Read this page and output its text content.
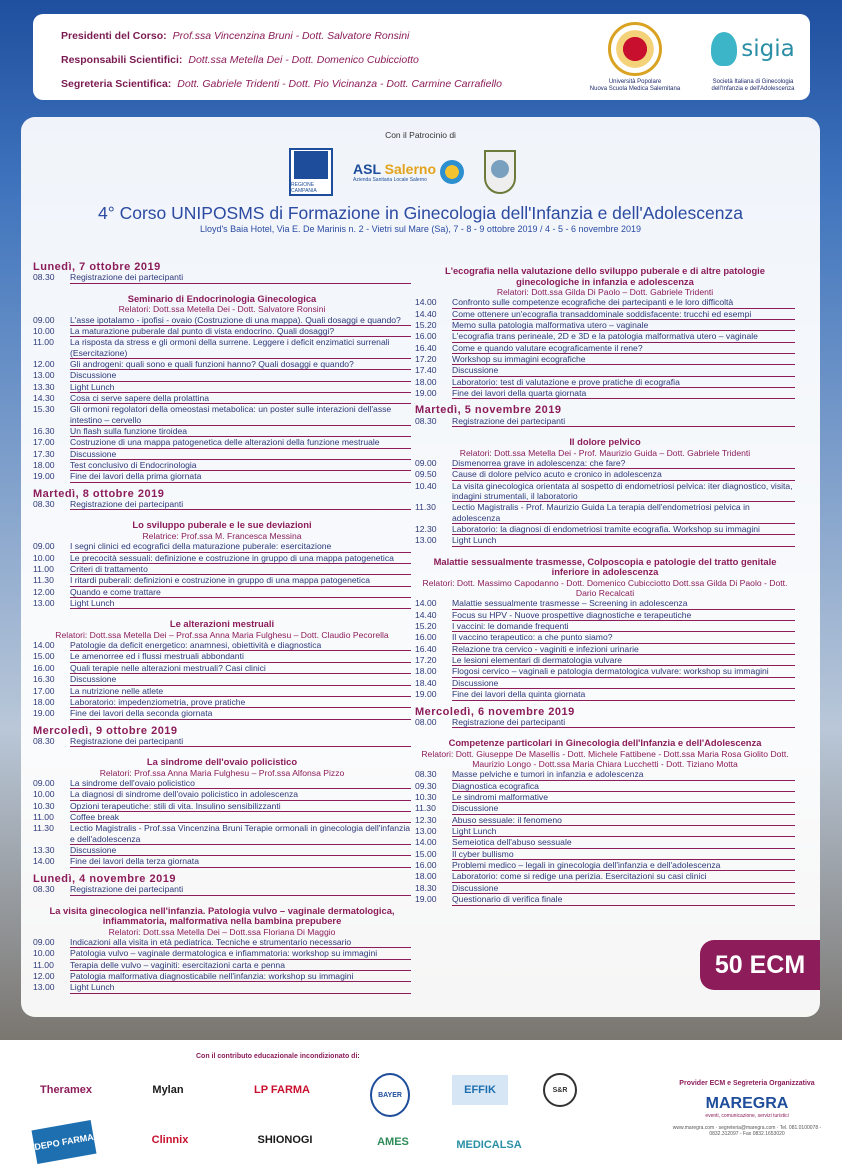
Presidenti del Corso: Prof.ssa Vincenzina Bruni - Dott. Salvatore Ronsini
Responsabili Scientifici: Dott.ssa Metella Dei - Dott. Domenico Cubicciotto
Segreteria Scientifica: Dott. Gabriele Tridenti - Dott. Pio Vicinanza - Dott. Carmine Carrafiello	Università Popolare
Nuova Scuola Medica Salernitana
sigia
Società Italiana di Ginecologia
dell'Infanzia e dell'Adolescenza
Con il Patrocinio di
REGIONE CAMPANIA
ASL Salerno
Azienda Sanitaria Locale Salerno
4° Corso UNIPOSMS di Formazione in Ginecologia dell'Infanzia e dell'Adolescenza
Lloyd's Baia Hotel, Via E. De Marinis n. 2 - Vietri sul Mare (Sa), 7 - 8 - 9 ottobre 2019 / 4 - 5 - 6 novembre 2019
Lunedì, 7 ottobre 2019
08.30	Registrazione dei partecipanti
Seminario di Endocrinologia Ginecologica
Relatori: Dott.ssa Metella Dei - Dott. Salvatore Ronsini
09.00	L'asse ipotalamo - ipofisi - ovaio (Costruzione di una mappa). Quali dosaggi e quando?
10.00	La maturazione puberale dal punto di vista endocrino. Quali dosaggi?
11.00	La risposta da stress e gli ormoni della surrene. Leggere i deficit enzimatici surrenali (Esercitazione)
12.00	Gli androgeni: quali sono e quali funzioni hanno? Quali dosaggi e quando?
13.00	Discussione
13.30	Light Lunch
14.30	Cosa ci serve sapere della prolattina
15.30	Gli ormoni regolatori della omeostasi metabolica: un poster sulle interazioni dell'asse intestino – cervello
16.30	Un flash sulla funzione tiroidea
17.00	Costruzione di una mappa patogenetica delle alterazioni della funzione mestruale
17.30	Discussione
18.00	Test conclusivo di Endocrinologia
19.00	Fine dei lavori della prima giornata
Martedì, 8 ottobre 2019
08.30	Registrazione dei partecipanti
Lo sviluppo puberale e le sue deviazioni
Relatrice: Prof.ssa M. Francesca Messina
09.00	I segni clinici ed ecografici della maturazione puberale: esercitazione
10.00	Le precocità sessuali: definizione e costruzione in gruppo di una mappa patogenetica
11.00	Criteri di trattamento
11.30	I ritardi puberali: definizioni e costruzione in gruppo di una mappa patogenetica
12.00	Quando e come trattare
13.00	Light Lunch
Le alterazioni mestruali
Relatori: Dott.ssa Metella Dei – Prof.ssa Anna Maria Fulghesu – Dott. Claudio Pecorella
14.00	Patologie da deficit energetico: anamnesi, obiettività e diagnostica
15.00	Le amenorree ed i flussi mestruali abbondanti
16.00	Quali terapie nelle alterazioni mestruali? Casi clinici
16.30	Discussione
17.00	La nutrizione nelle atlete
18.00	Laboratorio: impedenziometria, prove pratiche
19.00	Fine dei lavori della seconda giornata
Mercoledì, 9 ottobre 2019
08.30	Registrazione dei partecipanti
La sindrome dell'ovaio policistico
Relatori: Prof.ssa Anna Maria Fulghesu – Prof.ssa Alfonsa Pizzo
09.00	La sindrome dell'ovaio policistico
10.00	La diagnosi di sindrome dell'ovaio policistico in adolescenza
10.30	Opzioni terapeutiche: stili di vita. Insulino sensibilizzanti
11.00	Coffee break
11.30	Lectio Magistralis - Prof.ssa Vincenzina Bruni Terapie ormonali in ginecologia dell'infanzia e dell'adolescenza
13.30	Discussione
14.00	Fine dei lavori della terza giornata
Lunedì, 4 novembre 2019
08.30	Registrazione dei partecipanti
La visita ginecologica nell'infanzia. Patologia vulvo – vaginale dermatologica, infiammatoria, malformativa nella bambina prepubere
Relatori: Dott.ssa Metella Dei – Dott.ssa Floriana Di Maggio
09.00	Indicazioni alla visita in età pediatrica. Tecniche e strumentario necessario
10.00	Patologia vulvo – vaginale dermatologica e infiammatoria: workshop su immagini
11.00	Terapia delle vulvo – vaginiti: esercitazioni carta e penna
12.00	Patologia malformativa diagnosticabile nell'infanzia: workshop su immagini
13.00	Light Lunch
L'ecografia nella valutazione dello sviluppo puberale e di altre patologie ginecologiche in infanzia e adolescenza
Relatori: Dott.ssa Gilda Di Paolo – Dott. Gabriele Tridenti
14.00	Confronto sulle competenze ecografiche dei partecipanti e le loro difficoltà
14.40	Come ottenere un'ecografia transaddominale soddisfacente: trucchi ed esempi
15.20	Memo sulla patologia malformativa utero – vaginale
16.00	L'ecografia trans perineale, 2D e 3D e la patologia malformativa utero – vaginale
16.40	Come e quando valutare ecograficamente il rene?
17.20	Workshop su immagini ecografiche
17.40	Discussione
18.00	Laboratorio: test di valutazione e prove pratiche di ecografia
19.00	Fine dei lavori della quarta giornata
Martedì, 5 novembre 2019
08.30	Registrazione dei partecipanti
Il dolore pelvico
Relatori: Dott.ssa Metella Dei - Prof. Maurizio Guida – Dott. Gabriele Tridenti
09.00	Dismenorrea grave in adolescenza: che fare?
09.50	Cause di dolore pelvico acuto e cronico in adolescenza
10.40	La visita ginecologica orientata al sospetto di endometriosi pelvica: iter diagnostico, visita, indagini strumentali, il laboratorio
11.30	Lectio Magistralis - Prof. Maurizio Guida La terapia dell'endometriosi pelvica in adolescenza
12.30	Laboratorio: la diagnosi di endometriosi tramite ecografia. Workshop su immagini
13.00	Light Lunch
Malattie sessualmente trasmesse, Colposcopia e patologie del tratto genitale inferiore in adolescenza
Relatori: Dott. Massimo Capodanno - Dott. Domenico Cubicciotto Dott.ssa Gilda Di Paolo - Dott. Dario Recalcati
14.00	Malattie sessualmente trasmesse – Screening in adolescenza
14.40	Focus su HPV - Nuove prospettive diagnostiche e terapeutiche
15.20	I vaccini: le domande frequenti
16.00	Il vaccino terapeutico: a che punto siamo?
16.40	Relazione tra cervico - vaginiti e infezioni urinarie
17.20	Le lesioni elementari di dermatologia vulvare
18.00	Flogosi cervico – vaginali e patologia dermatologica vulvare: workshop su immagini
18.40	Discussione
19.00	Fine dei lavori della quinta giornata
Mercoledì, 6 novembre 2019
08.00	Registrazione dei partecipanti
Competenze particolari in Ginecologia dell'Infanzia e dell'Adolescenza
Relatori: Dott. Giuseppe De Masellis - Dott. Michele Fattibene - Dott.ssa Maria Rosa Giolito Dott. Maurizio Longo - Dott.ssa Maria Chiara Lucchetti - Dott. Tiziano Motta
08.30	Masse pelviche e tumori in infanzia e adolescenza
09.30	Diagnostica ecografica
10.30	Le sindromi malformative
11.30	Discussione
12.30	Abuso sessuale: il fenomeno
13.00	Light Lunch
14.00	Semeiotica dell'abuso sessuale
15.00	Il cyber bullismo
16.00	Problemi medico – legali in ginecologia dell'infanzia e dell'adolescenza
18.00	Laboratorio: come si redige una perizia. Esercitazioni su casi clinici
18.30	Discussione
19.00	Questionario di verifica finale
50 ECM
Con il contributo educazionale incondizionato di:
Theramex	Mylan	LP FARMA	BAYER	EFFIK	S&R
DEPO FARMA	Clinnix	SHIONOGI	AMES	MEDICALSA
Provider ECM e Segreteria Organizzativa
MAREGRA
eventi, comunicazione, servizi turistici
www.maregra.com · segreteria@maregra.com · Tel. 081.0100078 - 0832.312097 - Fax 0832.1653020
